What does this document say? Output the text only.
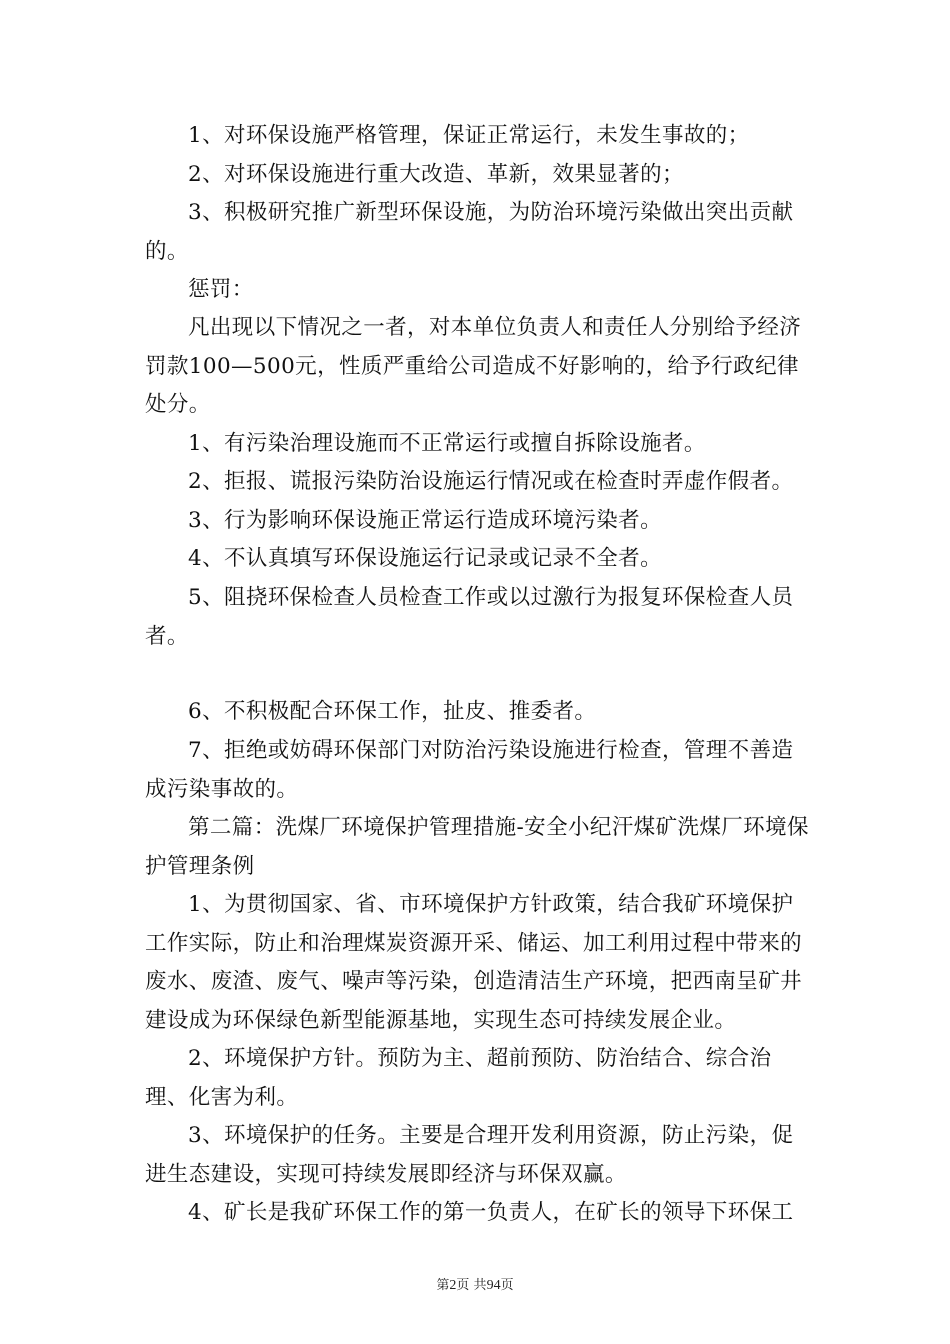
1、对环保设施严格管理，保证正常运行，未发生事故的；

2、对环保设施进行重大改造、革新，效果显著的；

3、积极研究推广新型环保设施，为防治环境污染做出突出贡献的。

惩罚：

凡出现以下情况之一者，对本单位负责人和责任人分别给予经济罚款100—500元，性质严重给公司造成不好影响的，给予行政纪律处分。

1、有污染治理设施而不正常运行或擅自拆除设施者。

2、拒报、谎报污染防治设施运行情况或在检查时弄虚作假者。

3、行为影响环保设施正常运行造成环境污染者。

4、不认真填写环保设施运行记录或记录不全者。

5、阻挠环保检查人员检查工作或以过激行为报复环保检查人员者。

6、不积极配合环保工作，扯皮、推委者。

7、拒绝或妨碍环保部门对防治污染设施进行检查，管理不善造成污染事故的。

第二篇：洗煤厂环境保护管理措施-安全小纪汗煤矿洗煤厂环境保护管理条例

1、为贯彻国家、省、市环境保护方针政策，结合我矿环境保护工作实际，防止和治理煤炭资源开采、储运、加工利用过程中带来的废水、废渣、废气、噪声等污染，创造清洁生产环境，把西南呈矿井建设成为环保绿色新型能源基地，实现生态可持续发展企业。

2、环境保护方针。预防为主、超前预防、防治结合、综合治理、化害为利。

3、环境保护的任务。主要是合理开发利用资源，防止污染，促进生态建设，实现可持续发展即经济与环保双赢。

4、矿长是我矿环保工作的第一负责人，在矿长的领导下环保工

第2页 共94页
